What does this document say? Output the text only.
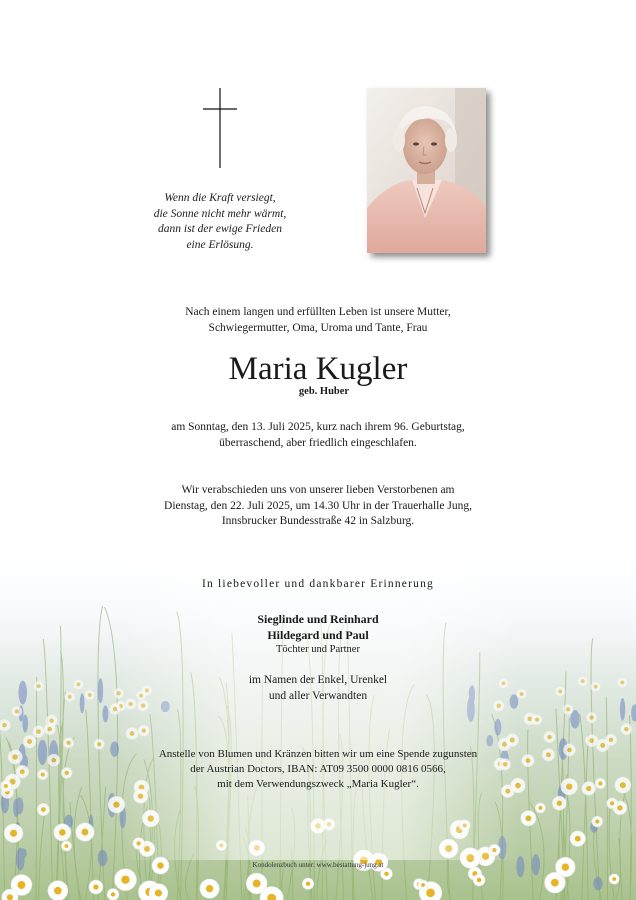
Wenn die Kraft versiegt,
die Sonne nicht mehr wärmt,
dann ist der ewige Frieden
eine Erlösung.
Nach einem langen und erfüllten Leben ist unsere Mutter,
Schwiegermutter, Oma, Uroma und Tante, Frau
Maria Kugler
geb. Huber
am Sonntag, den 13. Juli 2025, kurz nach ihrem 96. Geburtstag,
überraschend, aber friedlich eingeschlafen.
Wir verabschieden uns von unserer lieben Verstorbenen am
Dienstag, den 22. Juli 2025, um 14.30 Uhr in der Trauerhalle Jung,
Innsbrucker Bundesstraße 42 in Salzburg.
In liebevoller und dankbarer Erinnerung
Sieglinde und Reinhard
Hildegard und Paul
Töchter und Partner
im Namen der Enkel, Urenkel
und aller Verwandten
Anstelle von Blumen und Kränzen bitten wir um eine Spende zugunsten
der Austrian Doctors, IBAN: AT09 3500 0000 0816 0566,
mit dem Verwendungszweck „Maria Kugler“.
Kondolenzbuch unter: www.bestattung-jung.at
